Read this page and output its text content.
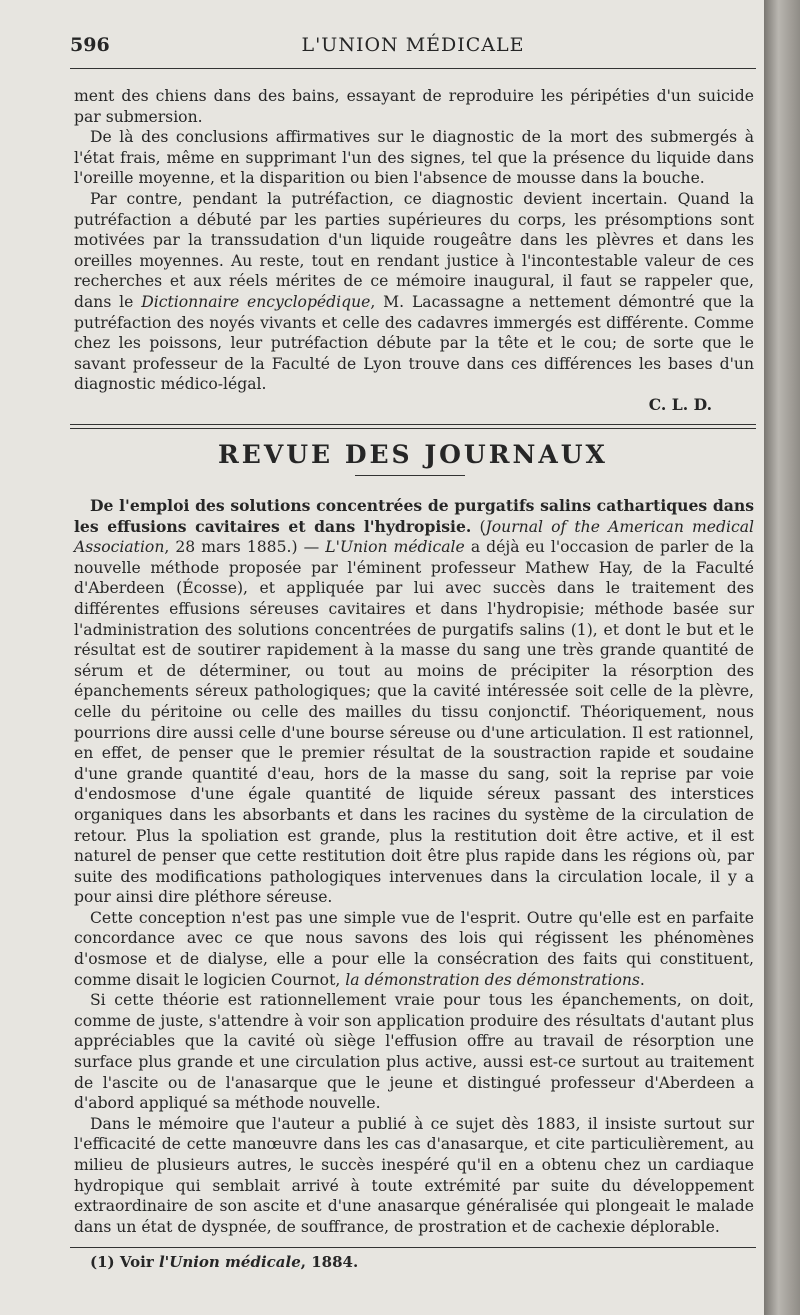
L'UNION MÉDICALE
596

ment des chiens dans des bains, essayant de reproduire les péripéties d'un suicide par submersion.

De là des conclusions affirmatives sur le diagnostic de la mort des submergés à l'état frais, même en supprimant l'un des signes, tel que la présence du liquide dans l'oreille moyenne, et la disparition ou bien l'absence de mousse dans la bouche.

Par contre, pendant la putréfaction, ce diagnostic devient incertain. Quand la putréfaction a débuté par les parties supérieures du corps, les présomptions sont motivées par la transsudation d'un liquide rougeâtre dans les plèvres et dans les oreilles moyennes. Au reste, tout en rendant justice à l'incontestable valeur de ces recherches et aux réels mérites de ce mémoire inaugural, il faut se rappeler que, dans le Dictionnaire encyclopédique, M. Lacassagne a nettement démontré que la putréfaction des noyés vivants et celle des cadavres immergés est différente. Comme chez les poissons, leur putréfaction débute par la tête et le cou; de sorte que le savant professeur de la Faculté de Lyon trouve dans ces différences les bases d'un diagnostic médico-légal.

C. L. D.

REVUE DES JOURNAUX

De l'emploi des solutions concentrées de purgatifs salins cathartiques dans les effusions cavitaires et dans l'hydropisie. (Journal of the American medical Association, 28 mars 1885.) — L'Union médicale a déjà eu l'occasion de parler de la nouvelle méthode proposée par l'éminent professeur Mathew Hay, de la Faculté d'Aberdeen (Écosse), et appliquée par lui avec succès dans le traitement des différentes effusions séreuses cavitaires et dans l'hydropisie; méthode basée sur l'administration des solutions concentrées de purgatifs salins (1), et dont le but et le résultat est de soutirer rapidement à la masse du sang une très grande quantité de sérum et de déterminer, ou tout au moins de précipiter la résorption des épanchements séreux pathologiques; que la cavité intéressée soit celle de la plèvre, celle du péritoine ou celle des mailles du tissu conjonctif. Théoriquement, nous pourrions dire aussi celle d'une bourse séreuse ou d'une articulation. Il est rationnel, en effet, de penser que le premier résultat de la soustraction rapide et soudaine d'une grande quantité d'eau, hors de la masse du sang, soit la reprise par voie d'endosmose d'une égale quantité de liquide séreux passant des interstices organiques dans les absorbants et dans les racines du système de la circulation de retour. Plus la spoliation est grande, plus la restitution doit être active, et il est naturel de penser que cette restitution doit être plus rapide dans les régions où, par suite des modifications pathologiques intervenues dans la circulation locale, il y a pour ainsi dire pléthore séreuse.

Cette conception n'est pas une simple vue de l'esprit. Outre qu'elle est en parfaite concordance avec ce que nous savons des lois qui régissent les phénomènes d'osmose et de dialyse, elle a pour elle la consécration des faits qui constituent, comme disait le logicien Cournot, la démonstration des démonstrations.

Si cette théorie est rationnellement vraie pour tous les épanchements, on doit, comme de juste, s'attendre à voir son application produire des résultats d'autant plus appréciables que la cavité où siège l'effusion offre au travail de résorption une surface plus grande et une circulation plus active, aussi est-ce surtout au traitement de l'ascite ou de l'anasarque que le jeune et distingué professeur d'Aberdeen a d'abord appliqué sa méthode nouvelle.

Dans le mémoire que l'auteur a publié à ce sujet dès 1883, il insiste surtout sur l'efficacité de cette manœuvre dans les cas d'anasarque, et cite particulièrement, au milieu de plusieurs autres, le succès inespéré qu'il en a obtenu chez un cardiaque hydropique qui semblait arrivé à toute extrémité par suite du développement extraordinaire de son ascite et d'une anasarque généralisée qui plongeait le malade dans un état de dyspnée, de souffrance, de prostration et de cachexie déplorable.

(1) Voir l'Union médicale, 1884.
